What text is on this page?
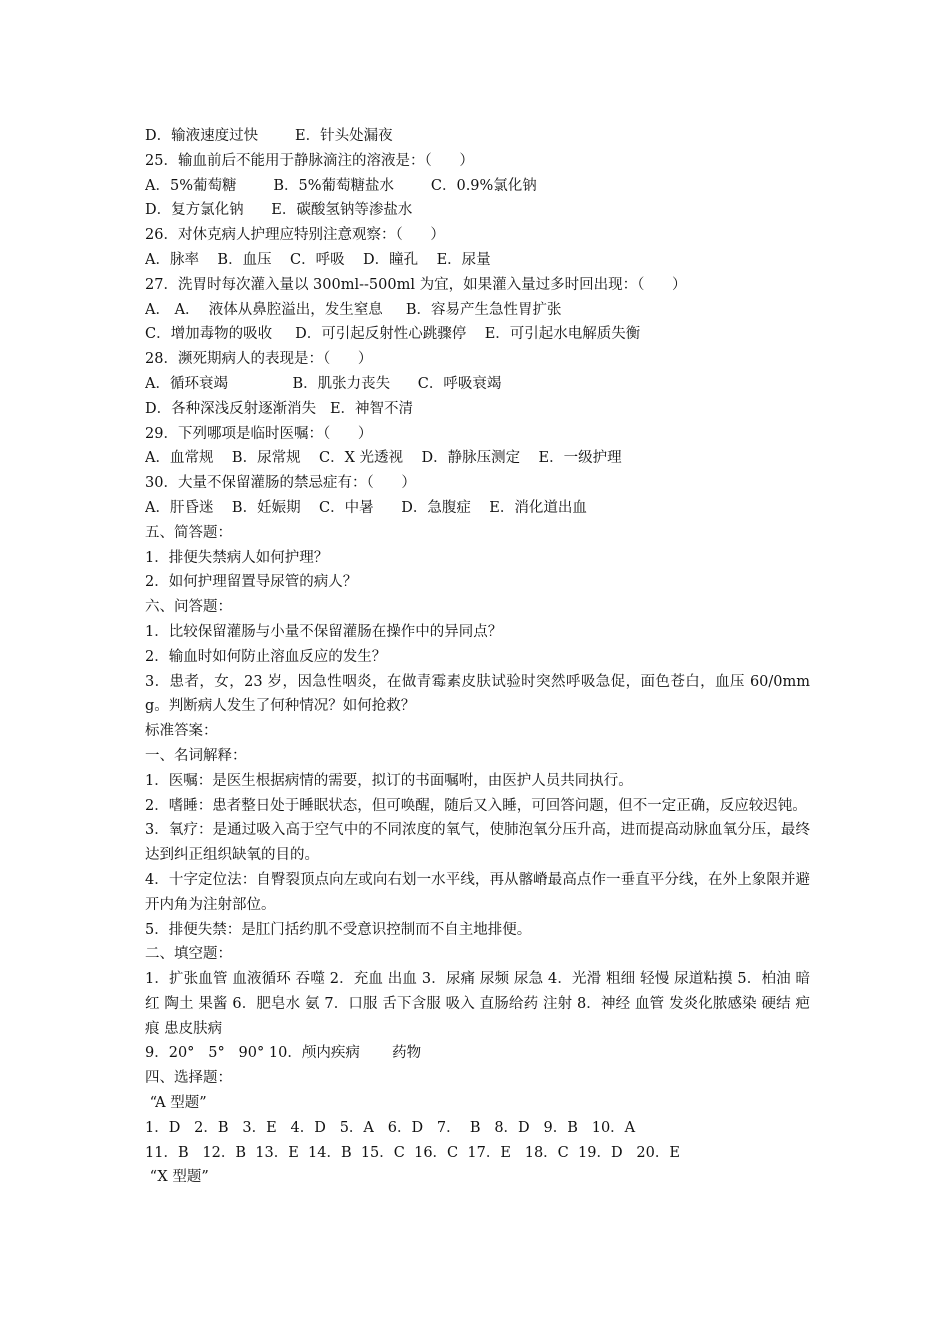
D．输液速度过快        E．针头处漏夜
25．输血前后不能用于静脉滴注的溶液是：（      ）
A．5%葡萄糖        B．5%葡萄糖盐水        C．0.9%氯化钠
D．复方氯化钠      E．碳酸氢钠等渗盐水
26．对休克病人护理应特别注意观察：（      ）
A．脉率    B．血压    C．呼吸    D．瞳孔    E．尿量
27．洗胃时每次灌入量以 300ml--500ml 为宜，如果灌入量过多时回出现：（      ）
A． A．  液体从鼻腔溢出，发生窒息     B．容易产生急性胃扩张
C．增加毒物的吸收     D．可引起反射性心跳骤停    E．可引起水电解质失衡
28．濒死期病人的表现是：（      ）
A．循环衰竭              B．肌张力丧失      C．呼吸衰竭
D．各种深浅反射逐渐消失   E．神智不清
29．下列哪项是临时医嘱：（      ）
A．血常规    B．尿常规    C．X 光透视    D．静脉压测定    E．一级护理
30．大量不保留灌肠的禁忌症有：（      ）
A．肝昏迷    B．妊娠期    C．中暑      D．急腹症    E．消化道出血
五、简答题：
1．排便失禁病人如何护理？
2．如何护理留置导尿管的病人？
六、问答题：
1．比较保留灌肠与小量不保留灌肠在操作中的异同点？
2．输血时如何防止溶血反应的发生？
3．患者，女，23 岁，因急性咽炎，在做青霉素皮肤试验时突然呼吸急促，面色苍白，血压 60/0mmg。判断病人发生了何种情况？如何抢救？
标准答案：
一、名词解释：
1．医嘱：是医生根据病情的需要，拟订的书面嘱咐，由医护人员共同执行。
2．嗜睡：患者整日处于睡眠状态，但可唤醒，随后又入睡，可回答问题，但不一定正确，反应较迟钝。
3．氧疗：是通过吸入高于空气中的不同浓度的氧气，使肺泡氧分压升高，进而提高动脉血氧分压，最终达到纠正组织缺氧的目的。
4．十字定位法：自臀裂顶点向左或向右划一水平线，再从髂嵴最高点作一垂直平分线，在外上象限并避开内角为注射部位。
5．排便失禁：是肛门括约肌不受意识控制而不自主地排便。
二、填空题：
1．扩张血管 血液循环 吞噬 2．充血 出血 3．尿痛 尿频 尿急 4．光滑 粗细 轻慢 尿道粘摸 5．柏油 暗红 陶土 果酱 6．肥皂水 氨 7．口服 舌下含服 吸入 直肠给药 注射 8．神经 血管 发炎化脓感染 硬结 疤痕 患皮肤病
9．20°   5°   90° 10．颅内疾病       药物
四、选择题：
“A 型题”
1．D   2．B   3．E   4．D   5．A   6．D   7．  B   8．D   9．B   10．A
11．B   12．B  13．E  14．B  15．C  16．C  17．E   18．C  19．D   20．E
“X 型题”
